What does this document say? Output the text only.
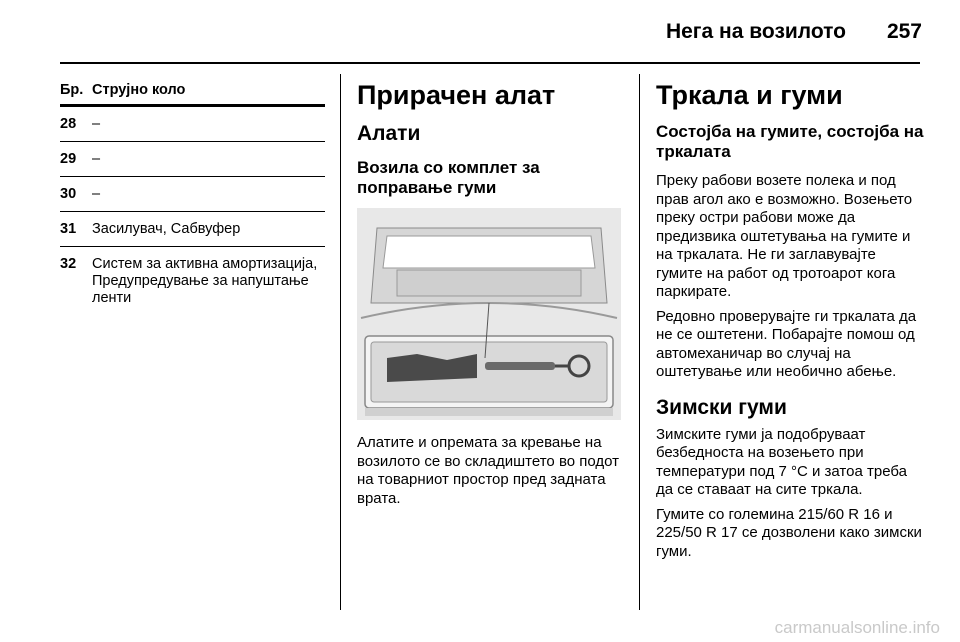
Нега на возилото 257
Бр. Струјно коло
28	–
29	–
30	–
31	Засилувач, Сабвуфер
32	Систем за активна амортизација, Предупредување за напуштање ленти
Прирачен алат
Алати
Возила со комплет за поправање гуми
Алатите и опремата за кревање на возилото се во складиштето во подот на товарниот простор пред задната врата.
Тркала и гуми
Состојба на гумите, состојба на тркалата
Преку рабови возете полека и под прав агол ако е возможно. Возењето преку остри рабови може да предизвика оштетувања на гумите и на тркалата. Не ги заглавувајте гумите на работ од тротоарот кога паркирате.
Редовно проверувајте ги тркалата да не се оштетени. Побарајте помош од автомеханичар во случај на оштетување или необично абење.
Зимски гуми
Зимските гуми ја подобруваат безбедноста на возењето при температури под 7 °C и затоа треба да се ставаат на сите тркала.
Гумите со големина 215/60 R 16 и 225/50 R 17 се дозволени како зимски гуми.
carmanualsonline.info
